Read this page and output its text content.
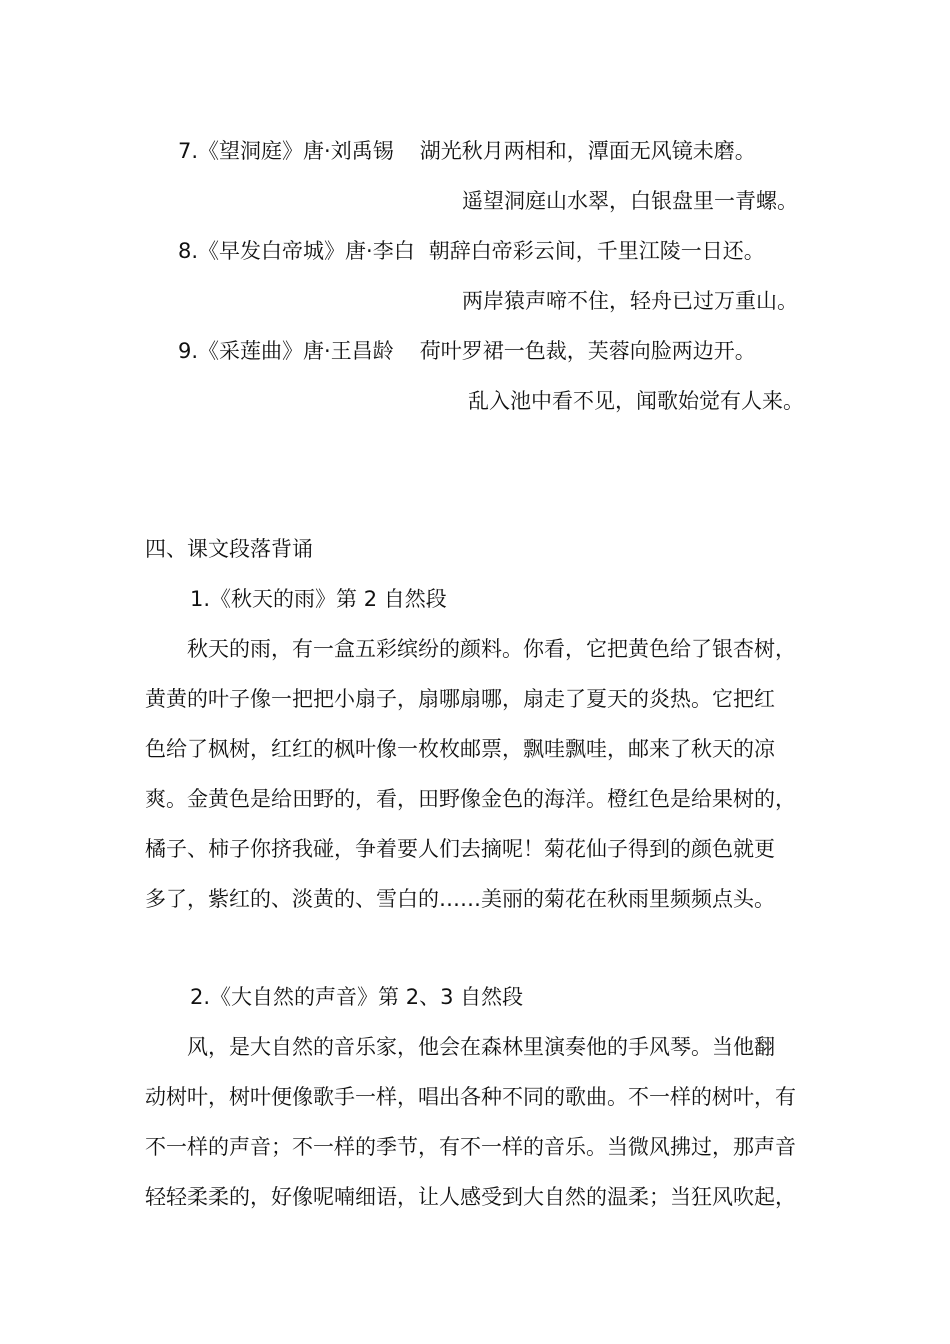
7.《望洞庭》唐·刘禹锡 湖光秋月两相和，潭面无风镜未磨。
遥望洞庭山水翠，白银盘里一青螺。
8.《早发白帝城》唐·李白 朝辞白帝彩云间，千里江陵一日还。
两岸猿声啼不住，轻舟已过万重山。
9.《采莲曲》唐·王昌龄 荷叶罗裙一色裁，芙蓉向脸两边开。
乱入池中看不见，闻歌始觉有人来。
四、课文段落背诵
1.《秋天的雨》第 2 自然段
　　秋天的雨，有一盒五彩缤纷的颜料。你看，它把黄色给了银杏树，
黄黄的叶子像一把把小扇子，扇哪扇哪，扇走了夏天的炎热。它把红
色给了枫树，红红的枫叶像一枚枚邮票，飘哇飘哇，邮来了秋天的凉
爽。金黄色是给田野的，看，田野像金色的海洋。橙红色是给果树的，
橘子、柿子你挤我碰，争着要人们去摘呢！菊花仙子得到的颜色就更
多了，紫红的、淡黄的、雪白的……美丽的菊花在秋雨里频频点头。
2.《大自然的声音》第 2、3 自然段
　　风，是大自然的音乐家，他会在森林里演奏他的手风琴。当他翻
动树叶，树叶便像歌手一样，唱出各种不同的歌曲。不一样的树叶，有
不一样的声音；不一样的季节，有不一样的音乐。当微风拂过，那声音
轻轻柔柔的，好像呢喃细语，让人感受到大自然的温柔；当狂风吹起，
